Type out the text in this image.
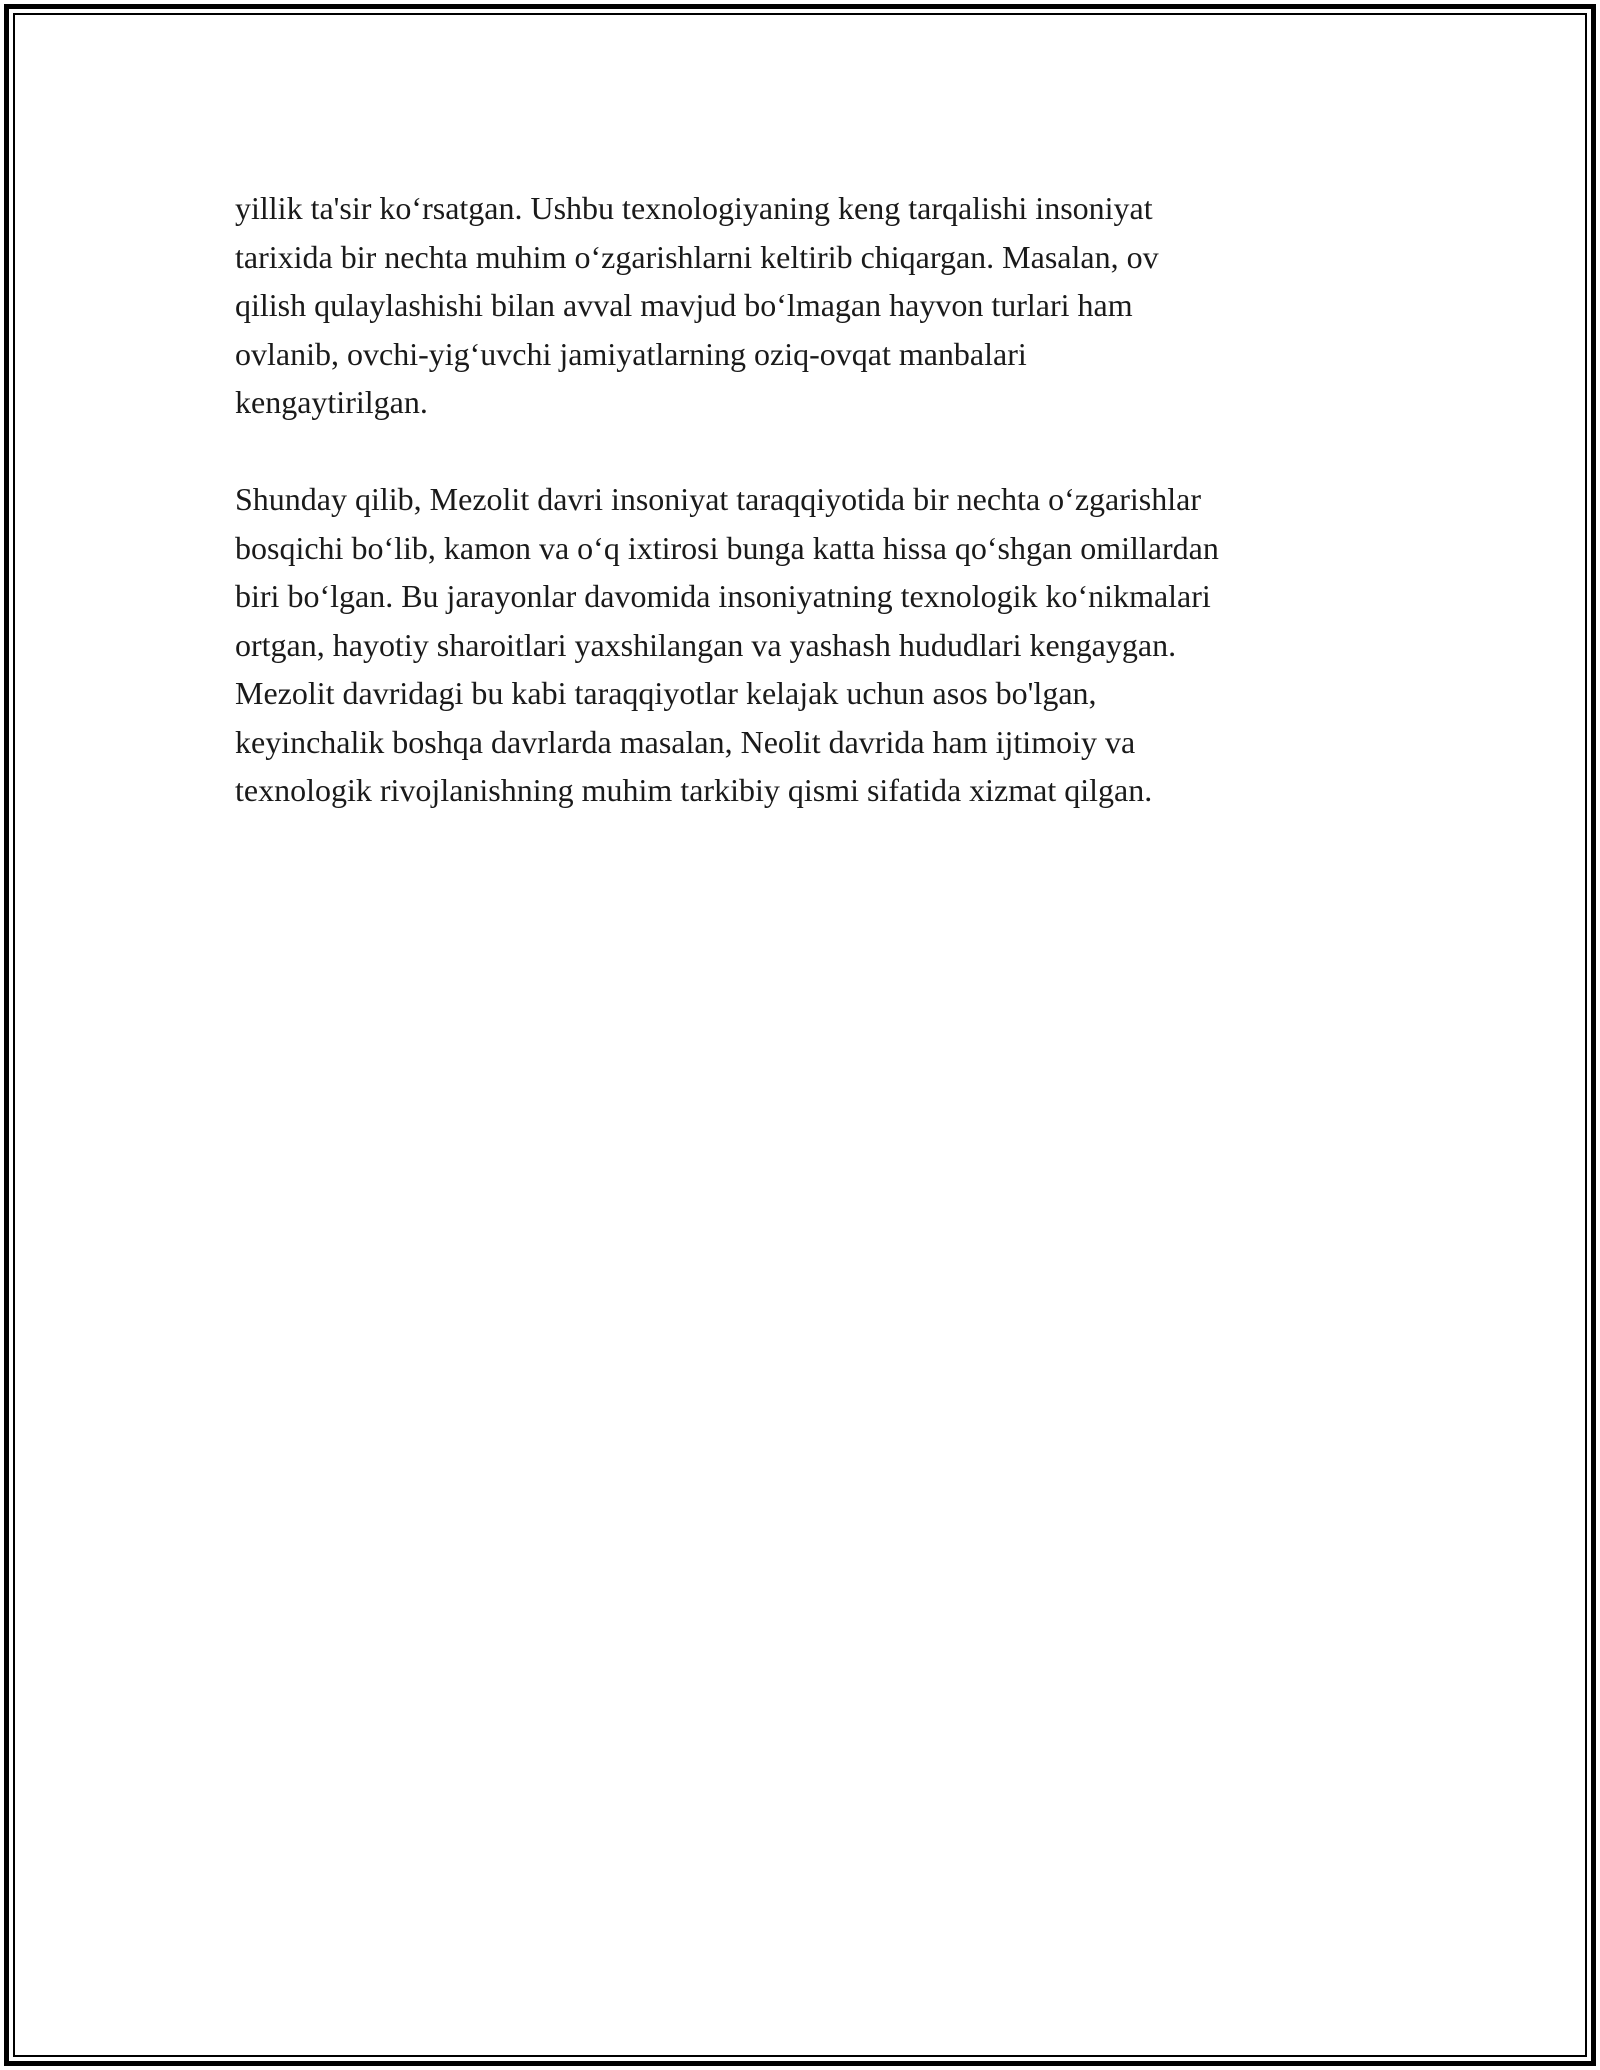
yillik ta'sir ko‘rsatgan. Ushbu texnologiyaning keng tarqalishi insoniyat
tarixida bir nechta muhim o‘zgarishlarni keltirib chiqargan. Masalan, ov
qilish qulaylashishi bilan avval mavjud bo‘lmagan hayvon turlari ham
ovlanib, ovchi-yig‘uvchi jamiyatlarning oziq-ovqat manbalari
kengaytirilgan.

Shunday qilib, Mezolit davri insoniyat taraqqiyotida bir nechta o‘zgarishlar
bosqichi bo‘lib, kamon va o‘q ixtirosi bunga katta hissa qo‘shgan omillardan
biri bo‘lgan. Bu jarayonlar davomida insoniyatning texnologik ko‘nikmalari
ortgan, hayotiy sharoitlari yaxshilangan va yashash hududlari kengaygan.
Mezolit davridagi bu kabi taraqqiyotlar kelajak uchun asos bo'lgan,
keyinchalik boshqa davrlarda masalan, Neolit davrida ham ijtimoiy va
texnologik rivojlanishning muhim tarkibiy qismi sifatida xizmat qilgan.
